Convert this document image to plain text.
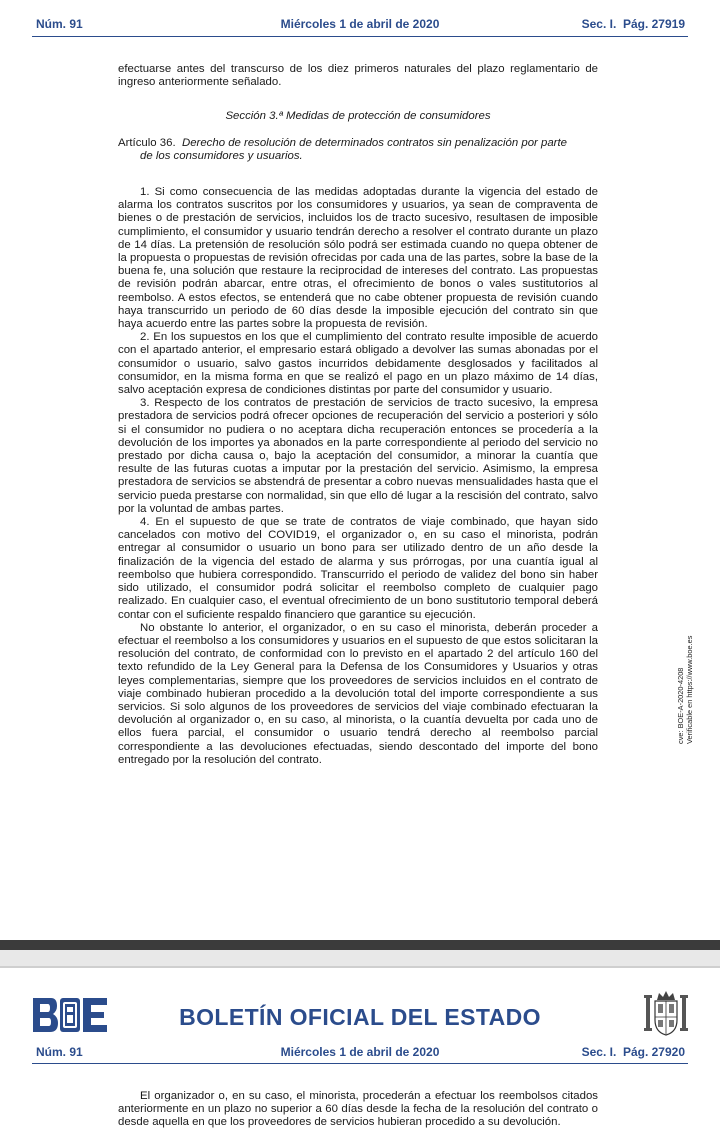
Núm. 91	Miércoles 1 de abril de 2020	Sec. I. Pág. 27919

efectuarse antes del transcurso de los diez primeros naturales del plazo reglamentario de ingreso anteriormente señalado.

Sección 3.ª Medidas de protección de consumidores
Artículo 36. Derecho de resolución de determinados contratos sin penalización por parte
de los consumidores y usuarios.

1. Si como consecuencia de las medidas adoptadas durante la vigencia del estado de alarma los contratos suscritos por los consumidores y usuarios, ya sean de compraventa de bienes o de prestación de servicios, incluidos los de tracto sucesivo, resultasen de imposible cumplimiento, el consumidor y usuario tendrán derecho a resolver el contrato durante un plazo de 14 días. La pretensión de resolución sólo podrá ser estimada cuando no quepa obtener de la propuesta o propuestas de revisión ofrecidas por cada una de las partes, sobre la base de la buena fe, una solución que restaure la reciprocidad de intereses del contrato. Las propuestas de revisión podrán abarcar, entre otras, el ofrecimiento de bonos o vales sustitutorios al reembolso. A estos efectos, se entenderá que no cabe obtener propuesta de revisión cuando haya transcurrido un periodo de 60 días desde la imposible ejecución del contrato sin que haya acuerdo entre las partes sobre la propuesta de revisión.

2. En los supuestos en los que el cumplimiento del contrato resulte imposible de acuerdo con el apartado anterior, el empresario estará obligado a devolver las sumas abonadas por el consumidor o usuario, salvo gastos incurridos debidamente desglosados y facilitados al consumidor, en la misma forma en que se realizó el pago en un plazo máximo de 14 días, salvo aceptación expresa de condiciones distintas por parte del consumidor y usuario.

3. Respecto de los contratos de prestación de servicios de tracto sucesivo, la empresa prestadora de servicios podrá ofrecer opciones de recuperación del servicio a posteriori y sólo si el consumidor no pudiera o no aceptara dicha recuperación entonces se procedería a la devolución de los importes ya abonados en la parte correspondiente al periodo del servicio no prestado por dicha causa o, bajo la aceptación del consumidor, a minorar la cuantía que resulte de las futuras cuotas a imputar por la prestación del servicio. Asimismo, la empresa prestadora de servicios se abstendrá de presentar a cobro nuevas mensualidades hasta que el servicio pueda prestarse con normalidad, sin que ello dé lugar a la rescisión del contrato, salvo por la voluntad de ambas partes.

4. En el supuesto de que se trate de contratos de viaje combinado, que hayan sido cancelados con motivo del COVID19, el organizador o, en su caso el minorista, podrán entregar al consumidor o usuario un bono para ser utilizado dentro de un año desde la finalización de la vigencia del estado de alarma y sus prórrogas, por una cuantía igual al reembolso que hubiera correspondido. Transcurrido el periodo de validez del bono sin haber sido utilizado, el consumidor podrá solicitar el reembolso completo de cualquier pago realizado. En cualquier caso, el eventual ofrecimiento de un bono sustitutorio temporal deberá contar con el suficiente respaldo financiero que garantice su ejecución.

No obstante lo anterior, el organizador, o en su caso el minorista, deberán proceder a efectuar el reembolso a los consumidores y usuarios en el supuesto de que estos solicitaran la resolución del contrato, de conformidad con lo previsto en el apartado 2 del artículo 160 del texto refundido de la Ley General para la Defensa de los Consumidores y Usuarios y otras leyes complementarias, siempre que los proveedores de servicios incluidos en el contrato de viaje combinado hubieran procedido a la devolución total del importe correspondiente a sus servicios. Si solo algunos de los proveedores de servicios del viaje combinado efectuaran la devolución al organizador o, en su caso, al minorista, o la cuantía devuelta por cada uno de ellos fuera parcial, el consumidor o usuario tendrá derecho al reembolso parcial correspondiente a las devoluciones efectuadas, siendo descontado del importe del bono entregado por la resolución del contrato.

cve: BOE-A-2020-4208 Verificable en https://www.boe.es
BOLETÍN OFICIAL DEL ESTADO
Núm. 91	Miércoles 1 de abril de 2020	Sec. I. Pág. 27920

El organizador o, en su caso, el minorista, procederán a efectuar los reembolsos citados anteriormente en un plazo no superior a 60 días desde la fecha de la resolución del contrato o desde aquella en que los proveedores de servicios hubieran procedido a su devolución.
